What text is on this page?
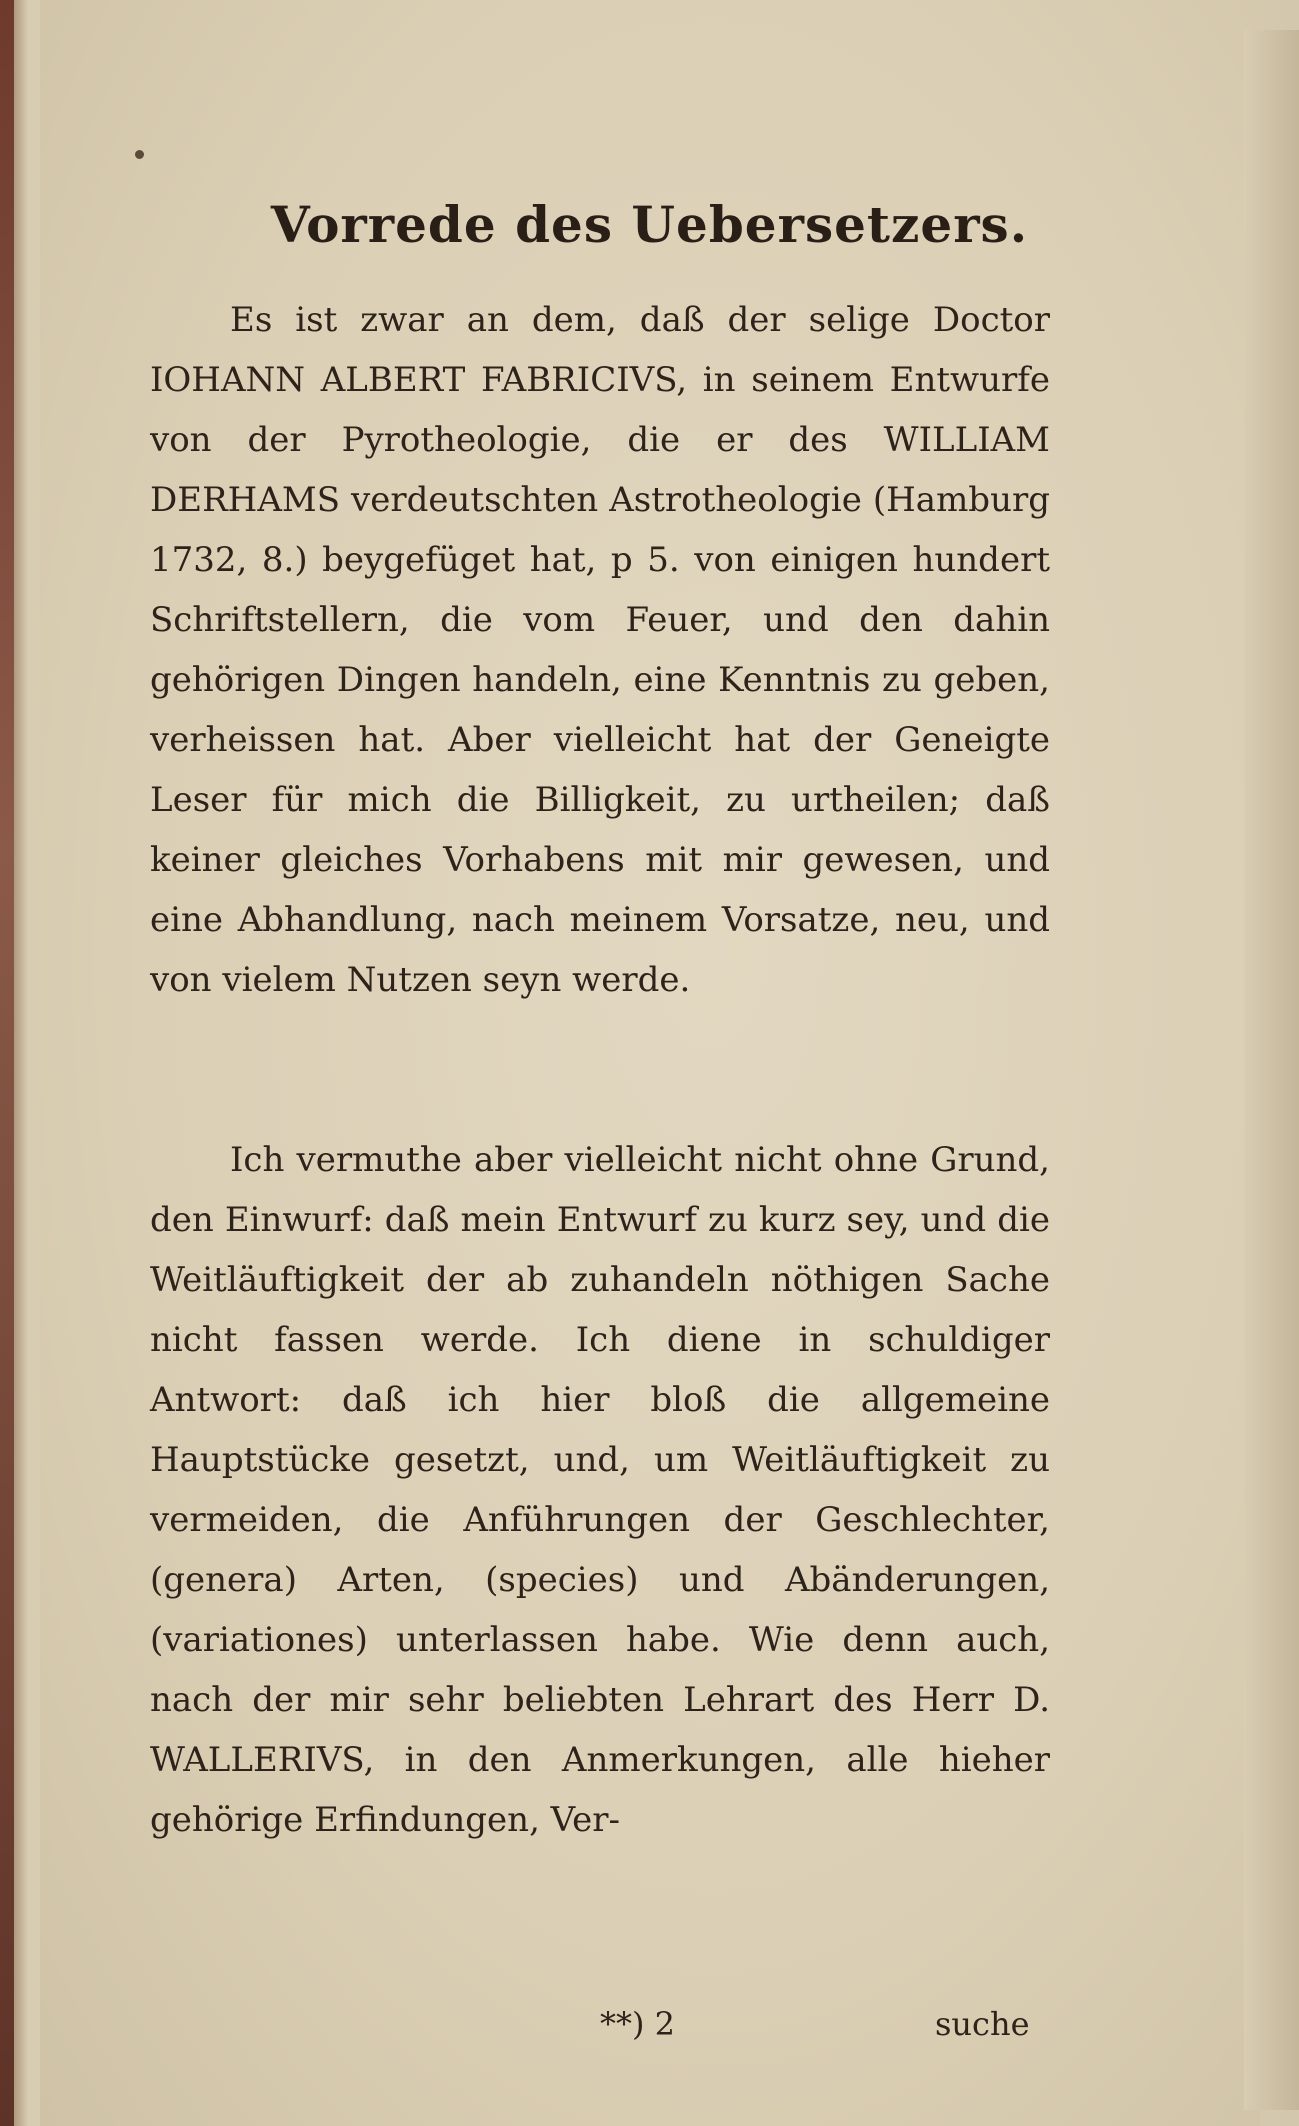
Vorrede des Uebersetzers.

Es ist zwar an dem, daß der selige Doctor IOHANN ALBERT FABRICIVS, in seinem Entwurfe von der Pyrotheologie, die er des WILLIAM DERHAMS verdeutschten Astrotheologie (Hamburg 1732, 8.) beygefüget hat, p 5. von einigen hundert Schriftstellern, die vom Feuer, und den dahin gehörigen Dingen handeln, eine Kenntnis zu geben, verheissen hat. Aber vielleicht hat der Geneigte Leser für mich die Billigkeit, zu urtheilen; daß keiner gleiches Vorhabens mit mir gewesen, und eine Abhandlung, nach meinem Vorsatze, neu, und von vielem Nutzen seyn werde.

Ich vermuthe aber vielleicht nicht ohne Grund, den Einwurf: daß mein Entwurf zu kurz sey, und die Weitläuftigkeit der ab zuhandeln nöthigen Sache nicht fassen werde. Ich diene in schuldiger Antwort: daß ich hier bloß die allgemeine Hauptstücke gesetzt, und, um Weitläuftigkeit zu vermeiden, die Anführungen der Geschlechter, (genera) Arten, (species) und Abänderungen, (variationes) unterlassen habe. Wie denn auch, nach der mir sehr beliebten Lehrart des Herr D. WALLERIVS, in den Anmerkungen, alle hieher gehörige Erfindungen, Ver-

**) 2	suche
